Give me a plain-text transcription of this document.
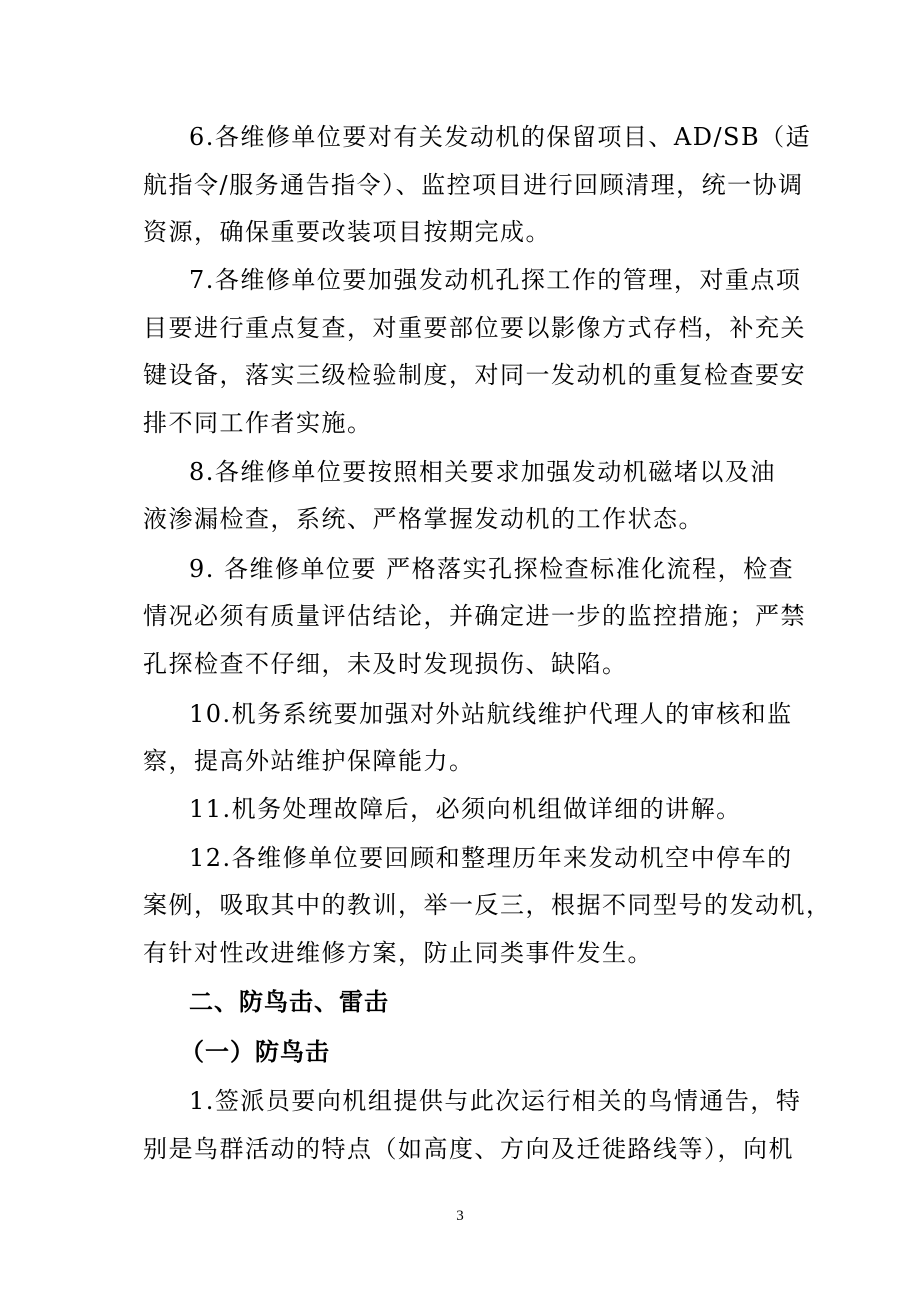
6.各维修单位要对有关发动机的保留项目、AD/SB（适
航指令/服务通告指令）、监控项目进行回顾清理，统一协调
资源，确保重要改装项目按期完成。
7.各维修单位要加强发动机孔探工作的管理，对重点项
目要进行重点复查，对重要部位要以影像方式存档，补充关
键设备，落实三级检验制度，对同一发动机的重复检查要安
排不同工作者实施。
8.各维修单位要按照相关要求加强发动机磁堵以及油
液渗漏检查，系统、严格掌握发动机的工作状态。
9. 各维修单位要 严格落实孔探检查标准化流程，检查
情况必须有质量评估结论，并确定进一步的监控措施；严禁
孔探检查不仔细，未及时发现损伤、缺陷。
10.机务系统要加强对外站航线维护代理人的审核和监
察，提高外站维护保障能力。
11.机务处理故障后，必须向机组做详细的讲解。
12.各维修单位要回顾和整理历年来发动机空中停车的
案例，吸取其中的教训，举一反三，根据不同型号的发动机，
有针对性改进维修方案，防止同类事件发生。
二、防鸟击、雷击
（一）防鸟击
1.签派员要向机组提供与此次运行相关的鸟情通告，特
别是鸟群活动的特点（如高度、方向及迁徙路线等），向机
3
